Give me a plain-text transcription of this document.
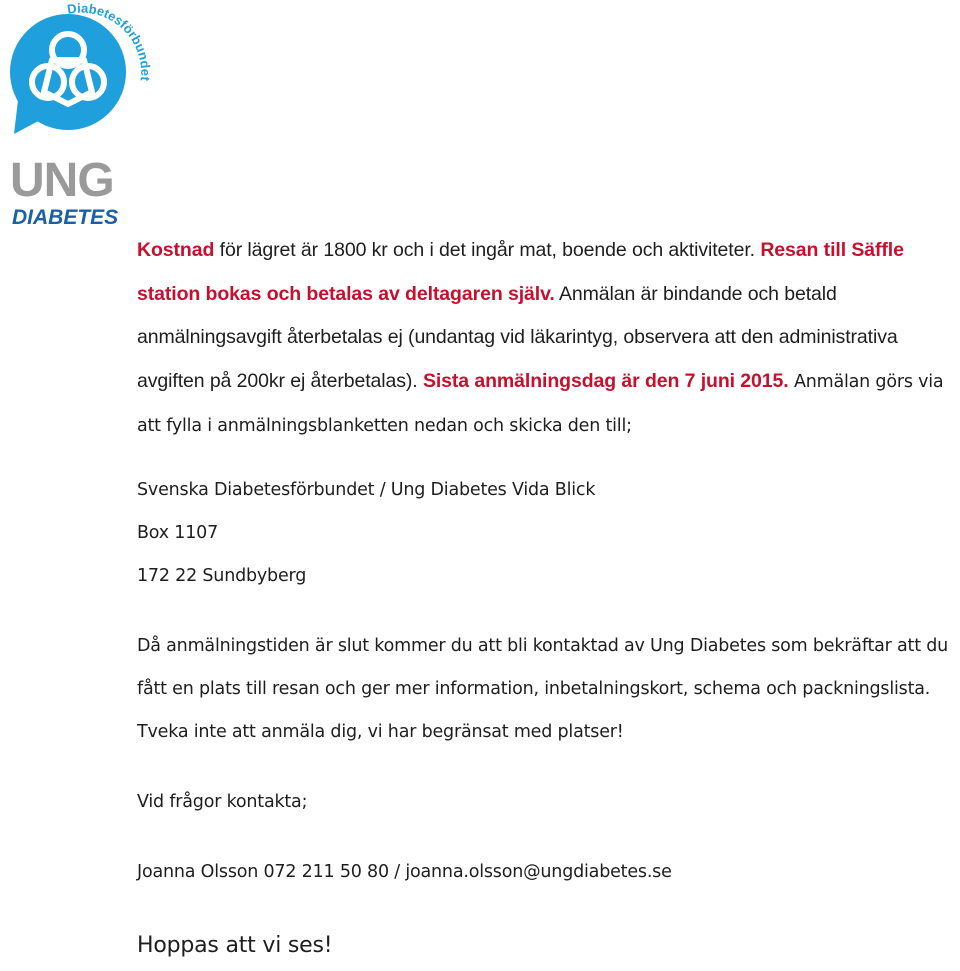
Diabetesförbundet
UNG
DIABETES

Kostnad för lägret är 1800 kr och i det ingår mat, boende och aktiviteter. Resan till Säffle station bokas och betalas av deltagaren själv. Anmälan är bindande och betald anmälningsavgift återbetalas ej (undantag vid läkarintyg, observera att den administrativa avgiften på 200kr ej återbetalas). Sista anmälningsdag är den 7 juni 2015. Anmälan görs via att fylla i anmälningsblanketten nedan och skicka den till;

Svenska Diabetesförbundet / Ung Diabetes Vida Blick

Box 1107

172 22 Sundbyberg

Då anmälningstiden är slut kommer du att bli kontaktad av Ung Diabetes som bekräftar att du fått en plats till resan och ger mer information, inbetalningskort, schema och packningslista. Tveka inte att anmäla dig, vi har begränsat med platser!

Vid frågor kontakta;

Joanna Olsson 072 211 50 80 / joanna.olsson@ungdiabetes.se

Hoppas att vi ses!
